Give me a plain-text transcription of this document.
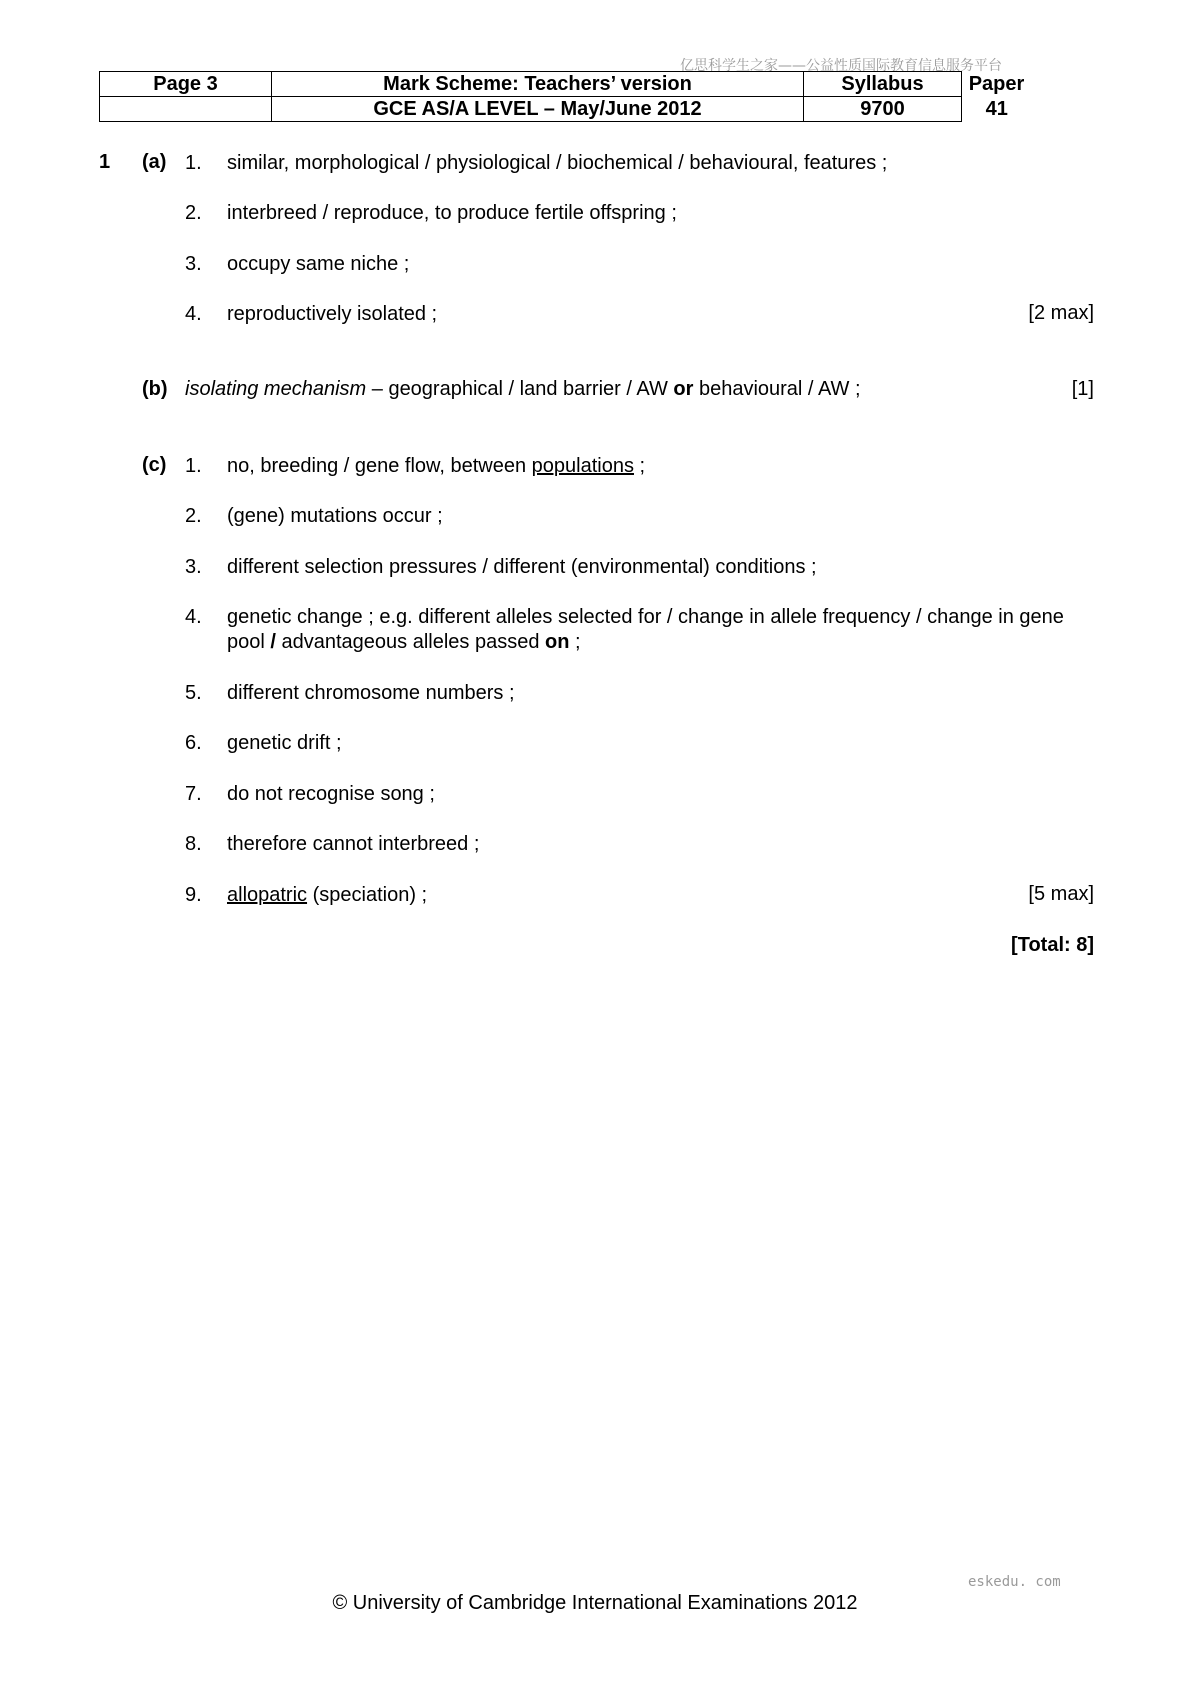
亿思科学生之家——公益性质国际教育信息服务平台
Page 3	Mark Scheme: Teachers’ version	Syllabus	Paper
	GCE AS/A LEVEL – May/June 2012	9700	41
1 (a) 1. similar, morphological / physiological / biochemical / behavioural, features ;
2. interbreed / reproduce, to produce fertile offspring ;
3. occupy same niche ;
4. reproductively isolated ;	[2 max]
(b) isolating mechanism – geographical / land barrier / AW or behavioural / AW ;	[1]
(c) 1. no, breeding / gene flow, between populations ;
2. (gene) mutations occur ;
3. different selection pressures / different (environmental) conditions ;
4. genetic change ; e.g. different alleles selected for / change in allele frequency / change in gene pool / advantageous alleles passed on ;
5. different chromosome numbers ;
6. genetic drift ;
7. do not recognise song ;
8. therefore cannot interbreed ;
9. allopatric (speciation) ;	[5 max]
[Total: 8]
eskedu. com
© University of Cambridge International Examinations 2012
